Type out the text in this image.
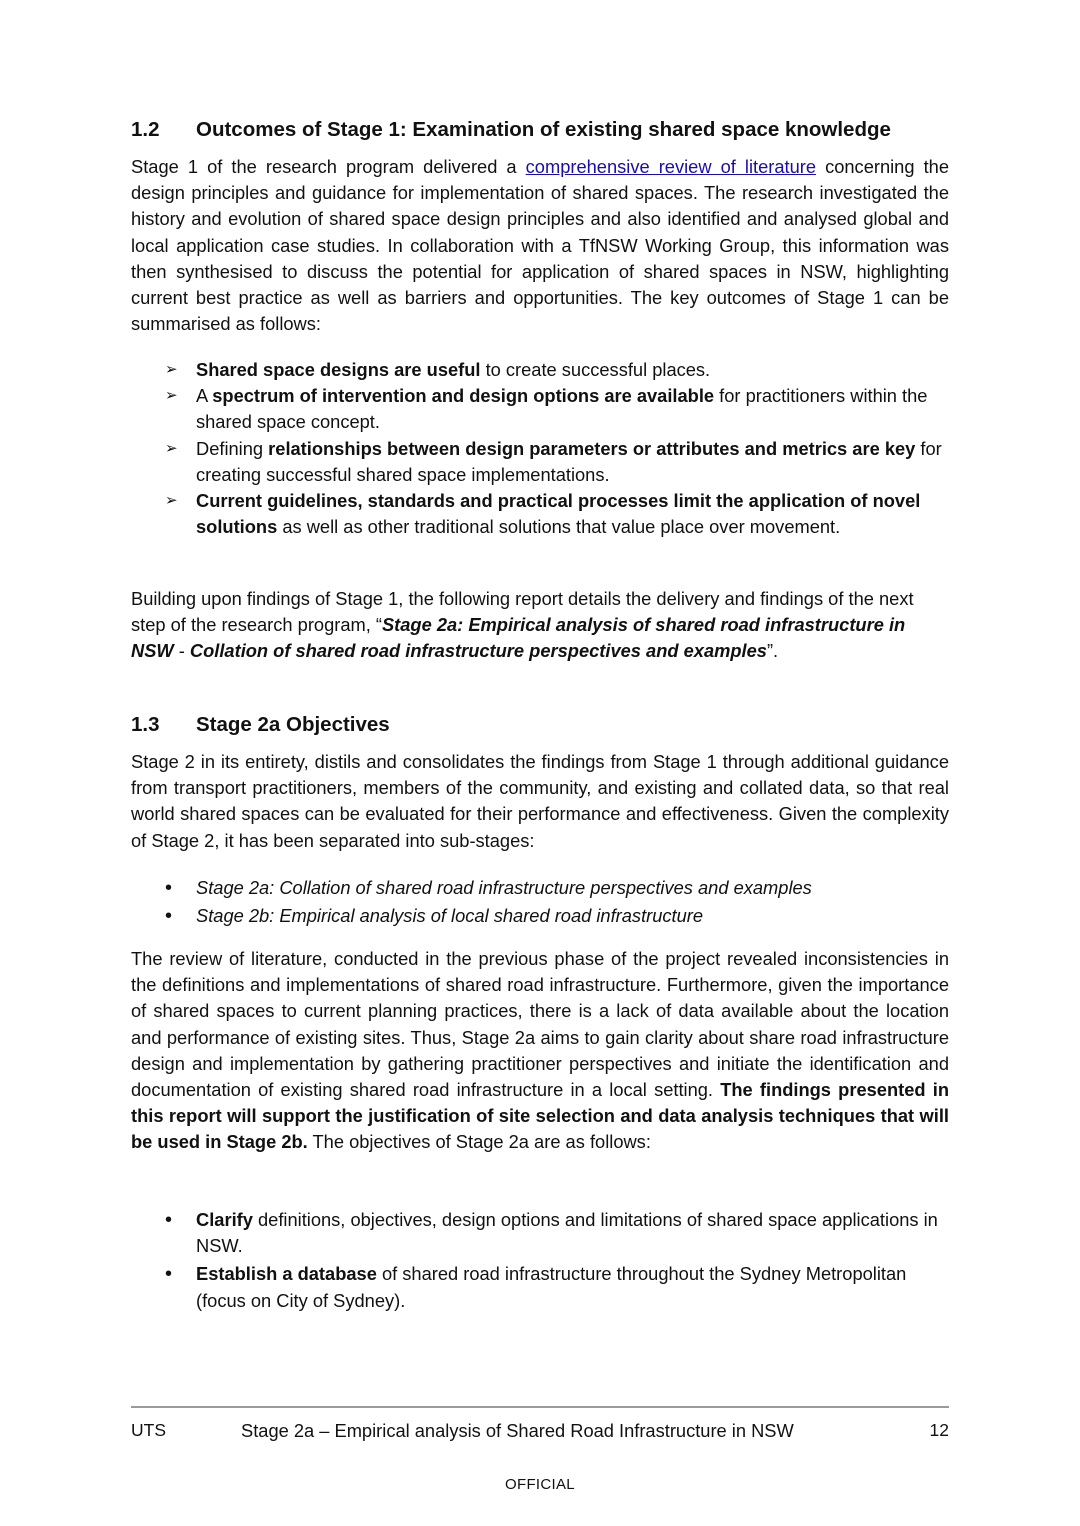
1.2	Outcomes of Stage 1: Examination of existing shared space knowledge

Stage 1 of the research program delivered a comprehensive review of literature concerning the design principles and guidance for implementation of shared spaces. The research investigated the history and evolution of shared space design principles and also identified and analysed global and local application case studies. In collaboration with a TfNSW Working Group, this information was then synthesised to discuss the potential for application of shared spaces in NSW, highlighting current best practice as well as barriers and opportunities. The key outcomes of Stage 1 can be summarised as follows:

➢	Shared space designs are useful to create successful places.
➢	A spectrum of intervention and design options are available for practitioners within the shared space concept.
➢	Defining relationships between design parameters or attributes and metrics are key for creating successful shared space implementations.
➢	Current guidelines, standards and practical processes limit the application of novel solutions as well as other traditional solutions that value place over movement.

Building upon findings of Stage 1, the following report details the delivery and findings of the next step of the research program, “Stage 2a: Empirical analysis of shared road infrastructure in NSW - Collation of shared road infrastructure perspectives and examples”.

1.3	Stage 2a Objectives

Stage 2 in its entirety, distils and consolidates the findings from Stage 1 through additional guidance from transport practitioners, members of the community, and existing and collated data, so that real world shared spaces can be evaluated for their performance and effectiveness. Given the complexity of Stage 2, it has been separated into sub-stages:

•	Stage 2a: Collation of shared road infrastructure perspectives and examples
•	Stage 2b: Empirical analysis of local shared road infrastructure

The review of literature, conducted in the previous phase of the project revealed inconsistencies in the definitions and implementations of shared road infrastructure. Furthermore, given the importance of shared spaces to current planning practices, there is a lack of data available about the location and performance of existing sites. Thus, Stage 2a aims to gain clarity about share road infrastructure design and implementation by gathering practitioner perspectives and initiate the identification and documentation of existing shared road infrastructure in a local setting. The findings presented in this report will support the justification of site selection and data analysis techniques that will be used in Stage 2b. The objectives of Stage 2a are as follows:

•	Clarify definitions, objectives, design options and limitations of shared space applications in NSW.
•	Establish a database of shared road infrastructure throughout the Sydney Metropolitan (focus on City of Sydney).
UTS	Stage 2a – Empirical analysis of Shared Road Infrastructure in NSW	12
OFFICIAL
